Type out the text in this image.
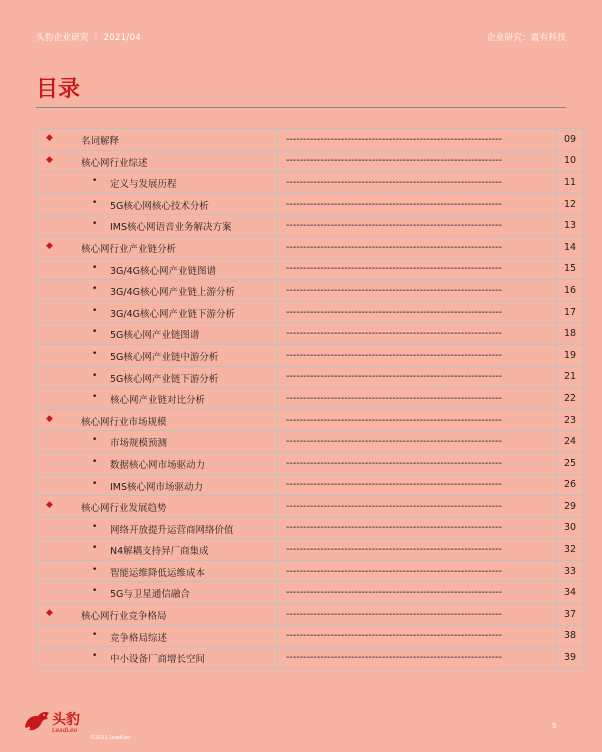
头豹企业研究 ｜ 2021/04	企业研究：震有科技
目录
◆ 名词解释	---------------------------------------------------------------	09

◆ 核心网行业综述	---------------------------------------------------------------	10

• 定义与发展历程	---------------------------------------------------------------	11

• 5G核心网核心技术分析	---------------------------------------------------------------	12

• IMS核心网语音业务解决方案	---------------------------------------------------------------	13

◆ 核心网行业产业链分析	---------------------------------------------------------------	14

• 3G/4G核心网产业链图谱	---------------------------------------------------------------	15

• 3G/4G核心网产业链上游分析	---------------------------------------------------------------	16

• 3G/4G核心网产业链下游分析	---------------------------------------------------------------	17

• 5G核心网产业链图谱	---------------------------------------------------------------	18

• 5G核心网产业链中游分析	---------------------------------------------------------------	19

• 5G核心网产业链下游分析	---------------------------------------------------------------	21

• 核心网产业链对比分析	---------------------------------------------------------------	22

◆ 核心网行业市场规模	---------------------------------------------------------------	23

• 市场规模预测	---------------------------------------------------------------	24

• 数据核心网市场驱动力	---------------------------------------------------------------	25

• IMS核心网市场驱动力	---------------------------------------------------------------	26

◆ 核心网行业发展趋势	---------------------------------------------------------------	29

• 网络开放提升运营商网络价值	---------------------------------------------------------------	30

• N4解耦支持异厂商集成	---------------------------------------------------------------	32

• 智能运维降低运维成本	---------------------------------------------------------------	33

• 5G与卫星通信融合	---------------------------------------------------------------	34

◆ 核心网行业竞争格局	---------------------------------------------------------------	37

• 竞争格局综述	---------------------------------------------------------------	38

• 中小设备厂商增长空间	---------------------------------------------------------------	39
头豹
LeadLeo
©2021 LeadLeo
5
